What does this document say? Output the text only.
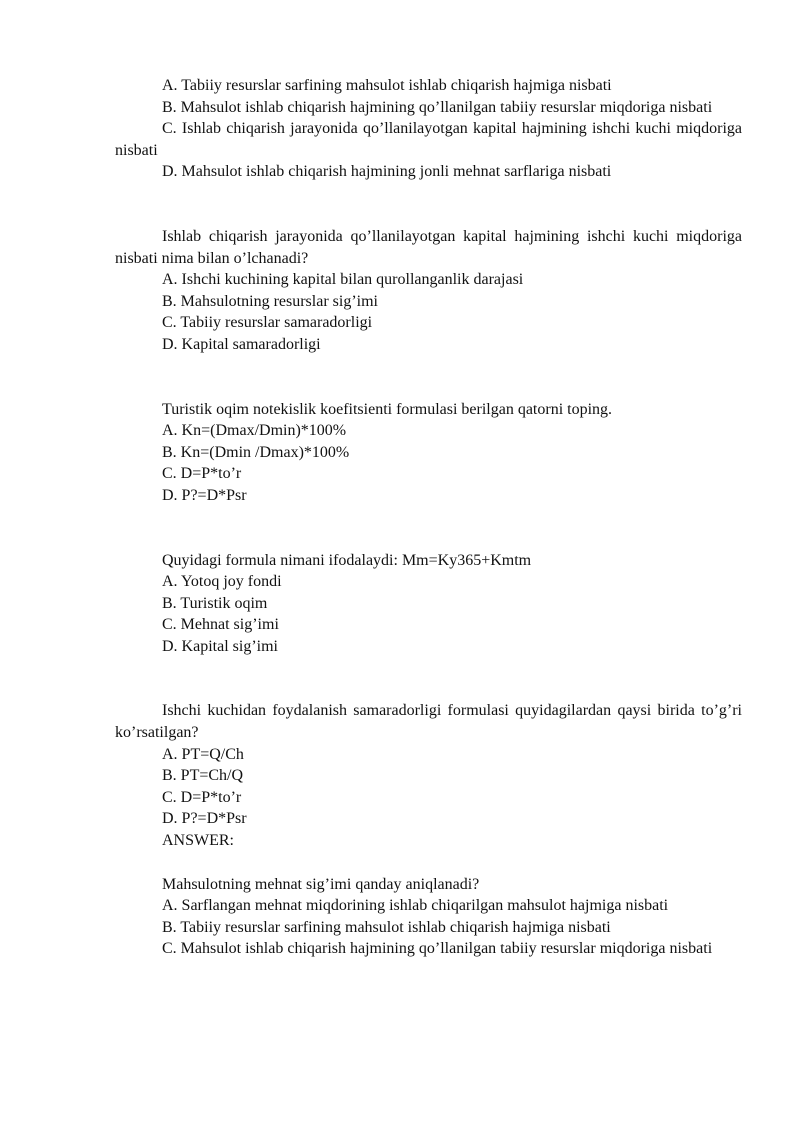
A. Tabiiy resurslar sarfining mahsulot ishlab chiqarish hajmiga nisbati
B. Mahsulot ishlab chiqarish hajmining qo’llanilgan tabiiy resurslar miqdoriga nisbati
C. Ishlab chiqarish jarayonida qo’llanilayotgan kapital hajmining ishchi kuchi miqdoriga nisbati
D. Mahsulot ishlab chiqarish hajmining jonli mehnat sarflariga nisbati
Ishlab chiqarish jarayonida qo’llanilayotgan kapital hajmining ishchi kuchi miqdoriga nisbati nima bilan o’lchanadi?
A. Ishchi kuchining kapital bilan qurollanganlik darajasi
B. Mahsulotning resurslar sig’imi
C. Tabiiy resurslar samaradorligi
D. Kapital samaradorligi
Turistik oqim notekislik koefitsienti formulasi berilgan qatorni toping.
A. Kn=(Dmax/Dmin)*100%
B. Kn=(Dmin /Dmax)*100%
C. D=P*to’r
D. P?=D*Psr
Quyidagi formula nimani ifodalaydi: Mm=Ky365+Kmtm
A. Yotoq joy fondi
B. Turistik oqim
C. Mehnat sig’imi
D. Kapital sig’imi
Ishchi kuchidan foydalanish samaradorligi formulasi quyidagilardan qaysi birida to’g’ri ko’rsatilgan?
A. PT=Q/Ch
B. PT=Ch/Q
C. D=P*to’r
D. P?=D*Psr
ANSWER:
Mahsulotning mehnat sig’imi qanday aniqlanadi?
A. Sarflangan mehnat miqdorining ishlab chiqarilgan mahsulot hajmiga nisbati
B. Tabiiy resurslar sarfining mahsulot ishlab chiqarish hajmiga nisbati
C. Mahsulot ishlab chiqarish hajmining qo’llanilgan tabiiy resurslar miqdoriga nisbati
